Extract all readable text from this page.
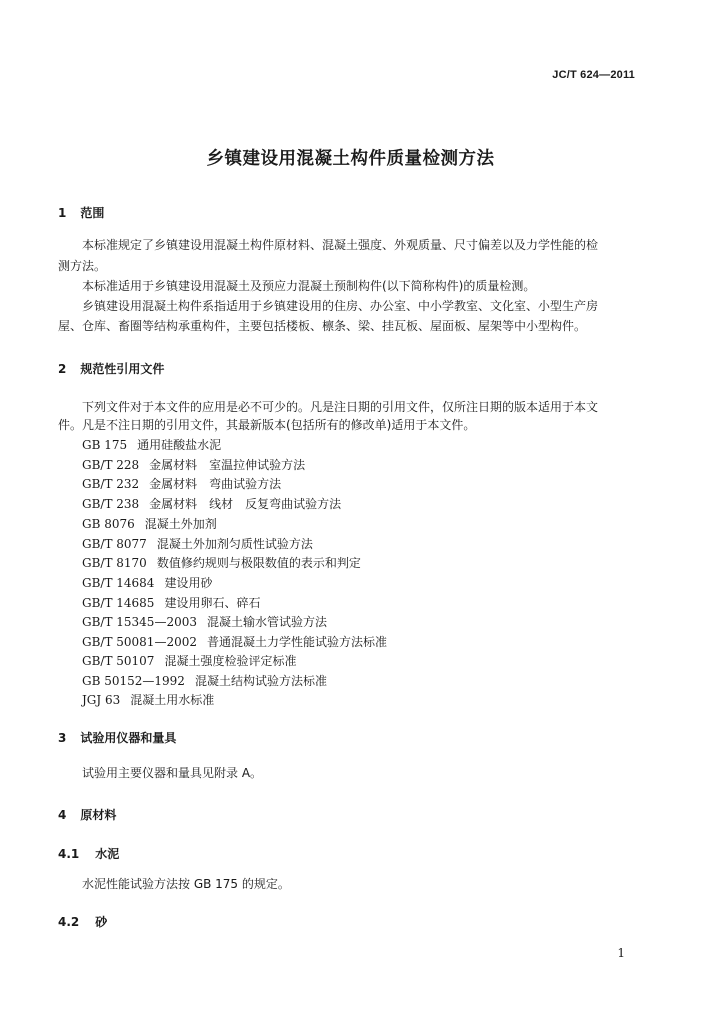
JC/T 624—2011
乡镇建设用混凝土构件质量检测方法
1 范围
本标准规定了乡镇建设用混凝土构件原材料、混凝土强度、外观质量、尺寸偏差以及力学性能的检
测方法。
本标准适用于乡镇建设用混凝土及预应力混凝土预制构件(以下简称构件)的质量检测。
乡镇建设用混凝土构件系指适用于乡镇建设用的住房、办公室、中小学教室、文化室、小型生产房
屋、仓库、畜圈等结构承重构件，主要包括楼板、檩条、梁、挂瓦板、屋面板、屋架等中小型构件。
2 规范性引用文件
下列文件对于本文件的应用是必不可少的。凡是注日期的引用文件，仅所注日期的版本适用于本文
件。凡是不注日期的引用文件，其最新版本(包括所有的修改单)适用于本文件。
GB 175 通用硅酸盐水泥
GB/T 228 金属材料　室温拉伸试验方法
GB/T 232 金属材料　弯曲试验方法
GB/T 238 金属材料　线材　反复弯曲试验方法
GB 8076 混凝土外加剂
GB/T 8077 混凝土外加剂匀质性试验方法
GB/T 8170 数值修约规则与极限数值的表示和判定
GB/T 14684 建设用砂
GB/T 14685 建设用卵石、碎石
GB/T 15345—2003 混凝土输水管试验方法
GB/T 50081—2002 普通混凝土力学性能试验方法标准
GB/T 50107 混凝土强度检验评定标准
GB 50152—1992 混凝土结构试验方法标准
JGJ 63 混凝土用水标准
3 试验用仪器和量具
试验用主要仪器和量具见附录 A。
4 原材料
4.1 水泥
水泥性能试验方法按 GB 175 的规定。
4.2 砂
1
